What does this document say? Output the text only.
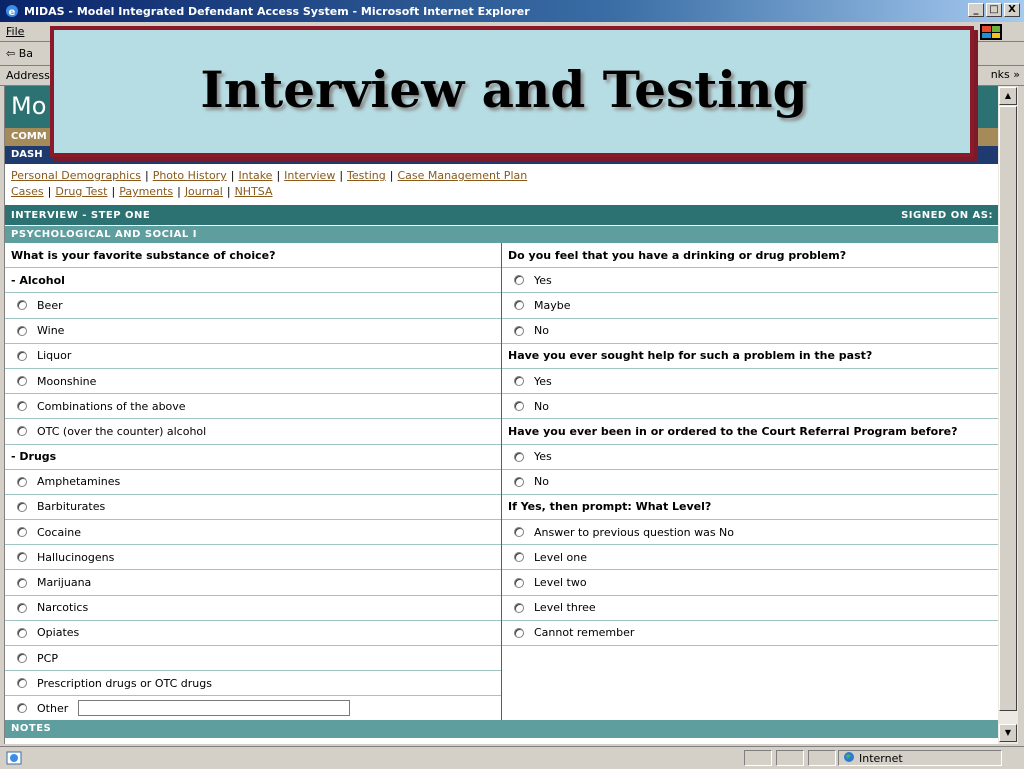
e MIDAS - Model Integrated Defendant Access System - Microsoft Internet Explorer	_	□ X
File
⇦ Ba
Address	nks »
Mo
COMM
DASH
Personal Demographics | Photo History | Intake | Interview | Testing | Case Management Plan
Cases | Drug Test | Payments | Journal | NHTSA
INTERVIEW - STEP ONE	SIGNED ON AS:
PSYCHOLOGICAL AND SOCIAL I
What is your favorite substance of choice?
- Alcohol
Beer
Wine
Liquor
Moonshine
Combinations of the above
OTC (over the counter) alcohol
- Drugs
Amphetamines
Barbiturates
Cocaine
Hallucinogens
Marijuana
Narcotics
Opiates
PCP
Prescription drugs or OTC drugs
Other
Do you feel that you have a drinking or drug problem?
Yes
Maybe
No
Have you ever sought help for such a problem in the past?
Yes
No
Have you ever been in or ordered to the Court Referral Program before?
Yes
No
If Yes, then prompt: What Level?
Answer to previous question was No
Level one
Level two
Level three
Cannot remember
NOTES
▲
▼
Internet
Interview and Testing
